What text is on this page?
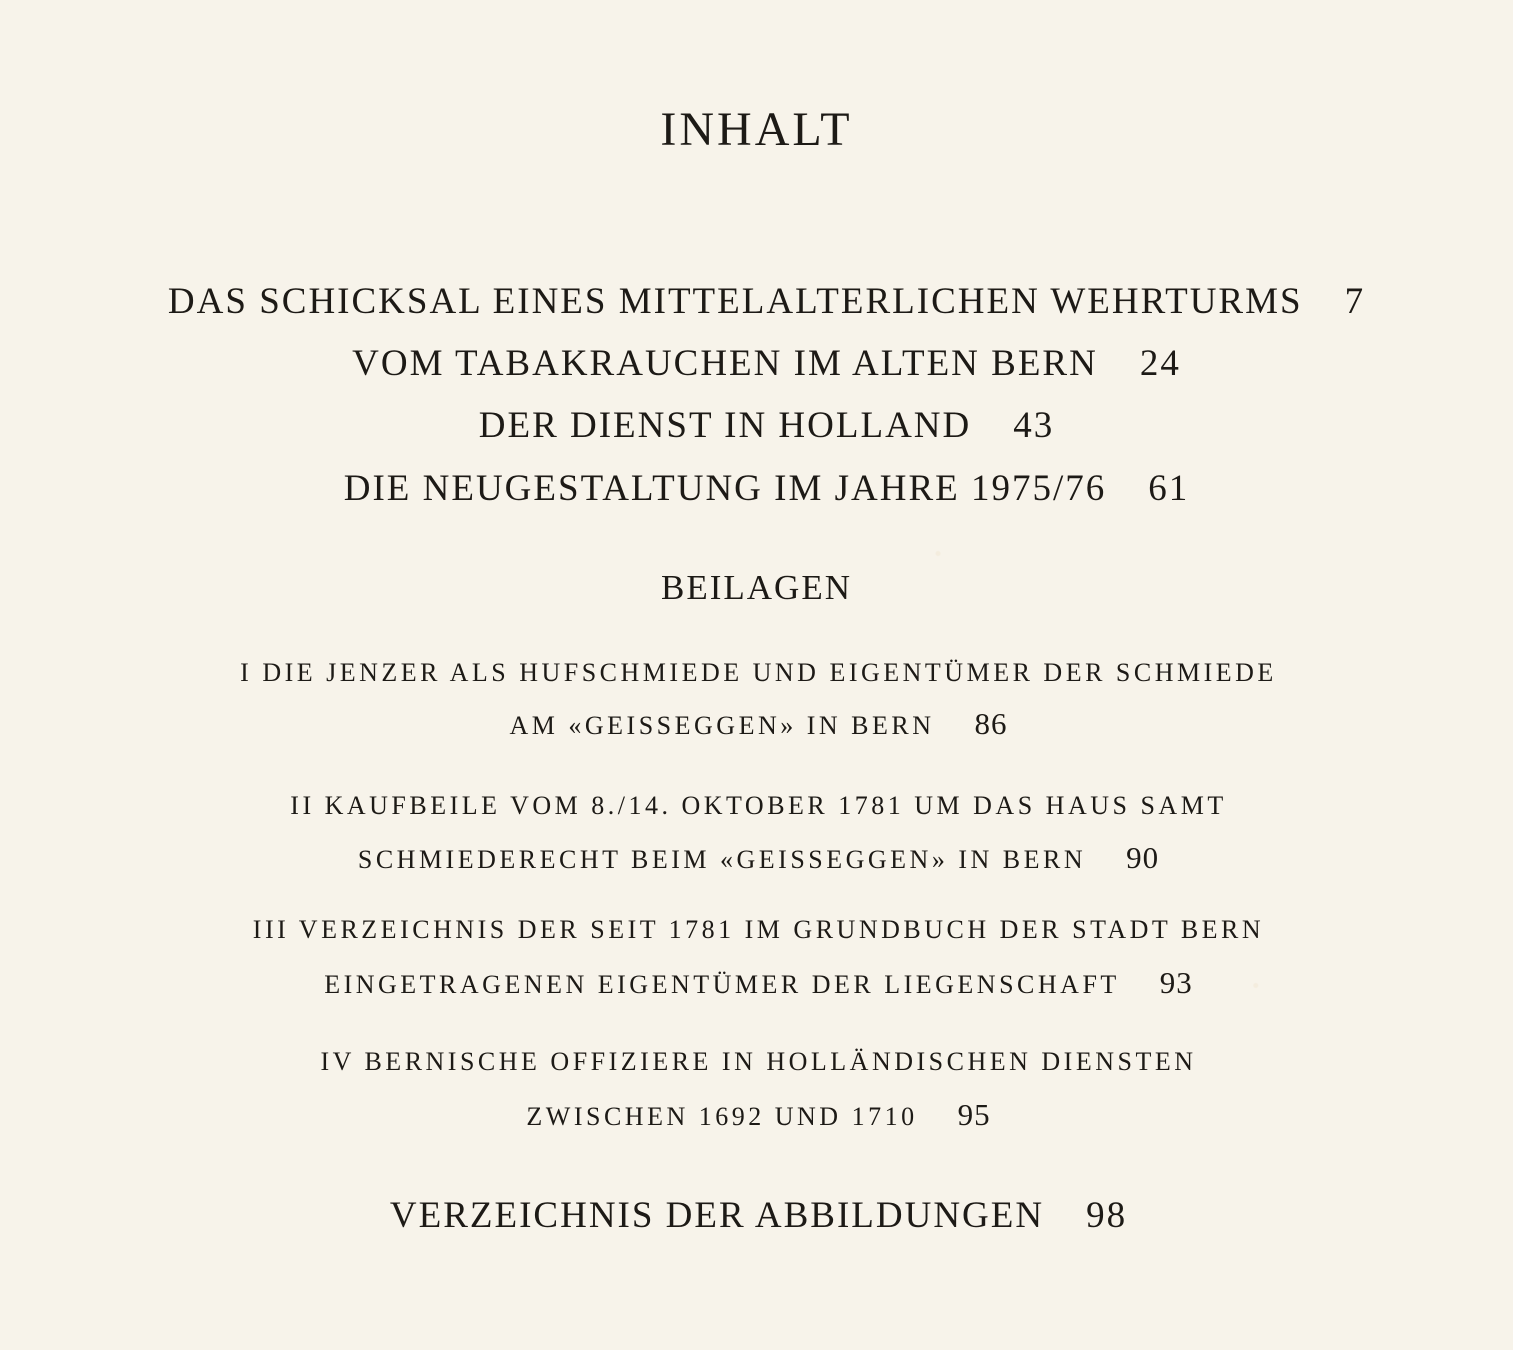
INHALT
DAS SCHICKSAL EINES MITTELALTERLICHEN WEHRTURMS 7
VOM TABAKRAUCHEN IM ALTEN BERN 24
DER DIENST IN HOLLAND 43
DIE NEUGESTALTUNG IM JAHRE 1975/76 61
BEILAGEN
I DIE JENZER ALS HUFSCHMIEDE UND EIGENTÜMER DER SCHMIEDE
AM «GEISSEGGEN» IN BERN 86
II KAUFBEILE VOM 8./14. OKTOBER 1781 UM DAS HAUS SAMT
SCHMIEDERECHT BEIM «GEISSEGGEN» IN BERN 90
III VERZEICHNIS DER SEIT 1781 IM GRUNDBUCH DER STADT BERN
EINGETRAGENEN EIGENTÜMER DER LIEGENSCHAFT 93
IV BERNISCHE OFFIZIERE IN HOLLÄNDISCHEN DIENSTEN
ZWISCHEN 1692 UND 1710 95
VERZEICHNIS DER ABBILDUNGEN 98
